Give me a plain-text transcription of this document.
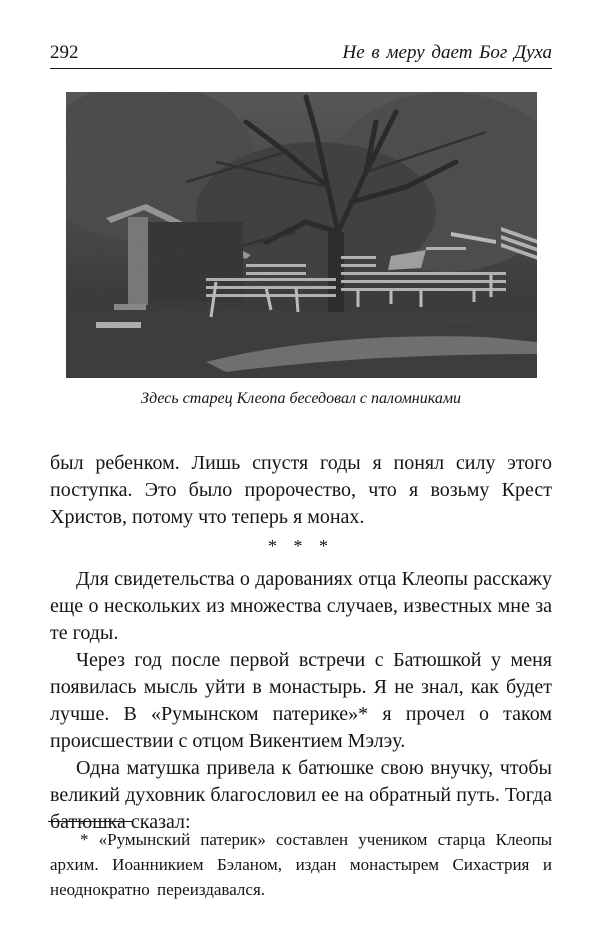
292	Не в меру дает Бог Духа
Здесь старец Клеопа беседовал с паломниками

был ребенком. Лишь спустя годы я понял силу этого поступка. Это было пророчество, что я возьму Крест Христов, потому что теперь я монах.

* * *

Для свидетельства о дарованиях отца Клеопы расскажу еще о нескольких из множества случаев, известных мне за те годы.

Через год после первой встречи с Батюшкой у меня появилась мысль уйти в монастырь. Я не знал, как будет лучше. В «Румынском патерике»* я прочел о таком происшествии с отцом Викентием Мэлэу.

Одна матушка привела к батюшке свою внучку, чтобы великий духовник благословил ее на обратный путь. Тогда батюшка сказал:

* «Румынский патерик» составлен учеником старца Клеопы архим. Иоанникием Бэланом, издан монастырем Сихастрия и неоднократно переиздавался.
